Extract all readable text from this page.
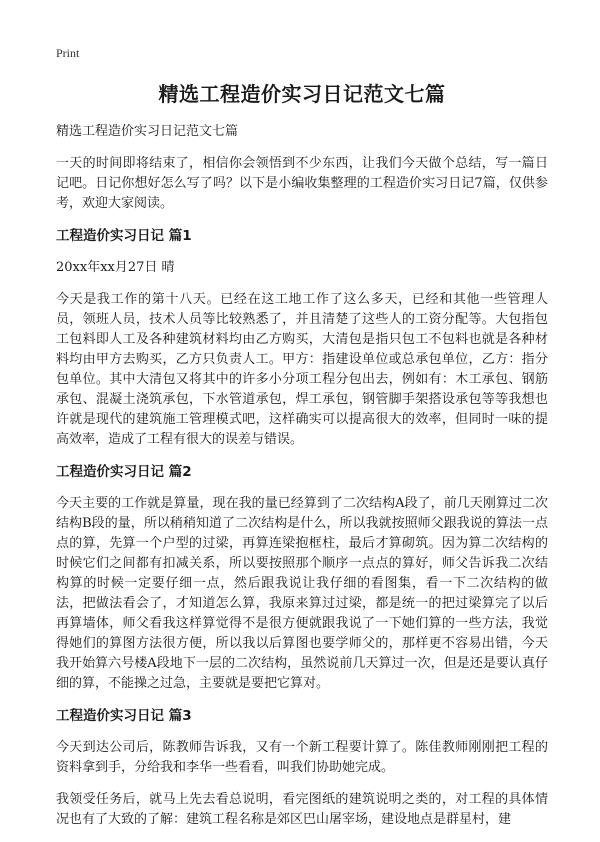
Print
精选工程造价实习日记范文七篇

精选工程造价实习日记范文七篇

一天的时间即将结束了，相信你会领悟到不少东西，让我们今天做个总结，写一篇日记吧。日记你想好怎么写了吗？以下是小编收集整理的工程造价实习日记7篇，仅供参考，欢迎大家阅读。

工程造价实习日记 篇1

20xx年xx月27日 晴

今天是我工作的第十八天。已经在这工地工作了这么多天，已经和其他一些管理人员，领班人员，技术人员等比较熟悉了，并且清楚了这些人的工资分配等。大包指包工包料即人工及各种建筑材料均由乙方购买，大清包是指只包工不包料也就是各种材料均由甲方去购买，乙方只负责人工。甲方：指建设单位或总承包单位，乙方：指分包单位。其中大清包又将其中的许多小分项工程分包出去，例如有：木工承包、钢筋承包、混凝土浇筑承包，下水管道承包，焊工承包，钢管脚手架搭设承包等等我想也许就是现代的建筑施工管理模式吧，这样确实可以提高很大的效率，但同时一味的提高效率，造成了工程有很大的误差与错误。

工程造价实习日记 篇2

今天主要的工作就是算量，现在我的量已经算到了二次结构A段了，前几天刚算过二次结构B段的量，所以稍稍知道了二次结构是什么，所以我就按照师父跟我说的算法一点点的算，先算一个户型的过梁，再算连梁抱框柱，最后才算砌筑。因为算二次结构的时候它们之间都有扣减关系，所以要按照那个顺序一点点的算好，师父告诉我二次结构算的时候一定要仔细一点，然后跟我说让我仔细的看图集，看一下二次结构的做法，把做法看会了，才知道怎么算，我原来算过过梁，都是统一的把过梁算完了以后再算墙体，师父看我这样算觉得不是很方便就跟我说了一下她们算的一些方法，我觉得她们的算图方法很方便，所以我以后算图也要学师父的，那样更不容易出错，今天我开始算六号楼A段地下一层的二次结构，虽然说前几天算过一次，但是还是要认真仔细的算，不能操之过急，主要就是要把它算对。

工程造价实习日记 篇3

今天到达公司后，陈教师告诉我，又有一个新工程要计算了。陈佳教师刚刚把工程的资料拿到手，分给我和李华一些看看，叫我们协助她完成。

我领受任务后，就马上先去看总说明，看完图纸的建筑说明之类的，对工程的具体情况也有了大致的了解：建筑工程名称是郊区巴山屠宰场，建设地点是群星村，建
